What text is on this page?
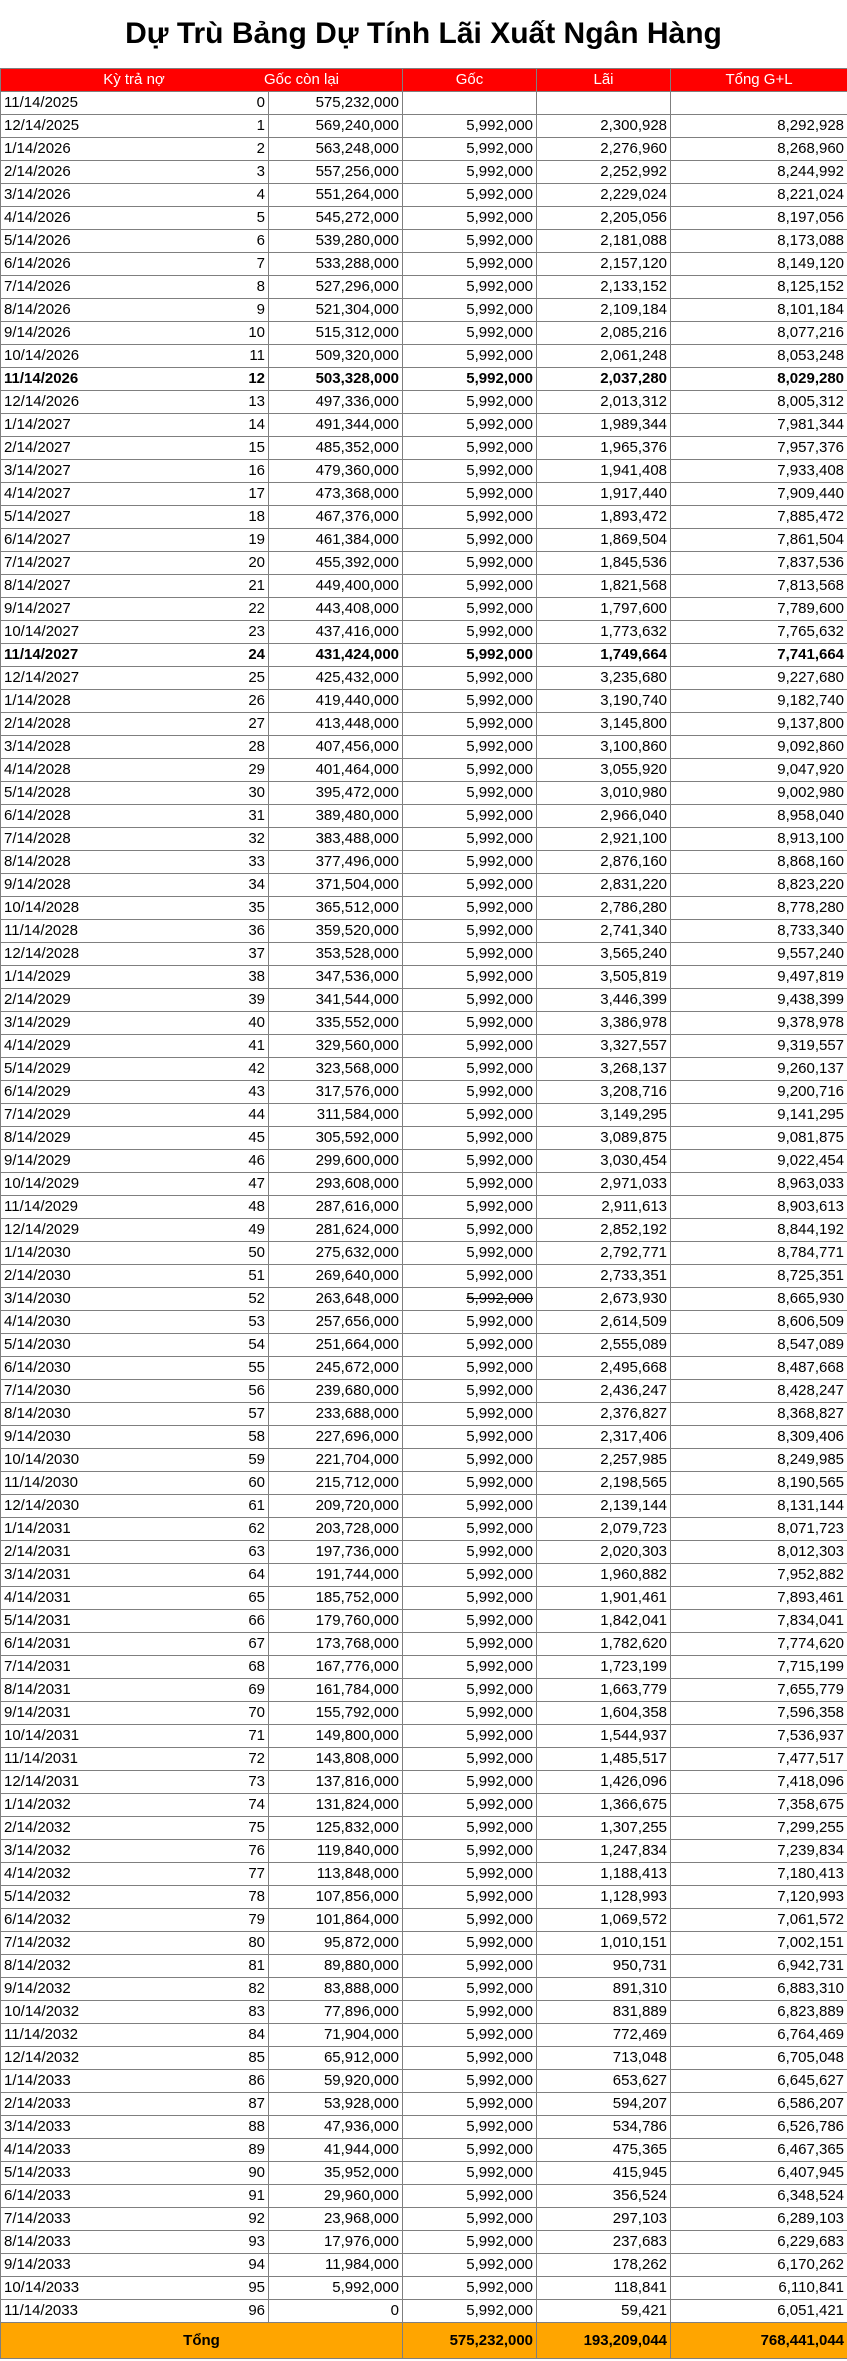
Dự Trù Bảng Dự Tính Lãi Xuất Ngân Hàng
Kỳ trả nợ Gốc còn lại		Gốc	Lãi	Tổng G+L
11/14/2025 0	575,232,000			
12/14/2025 1	569,240,000	5,992,000	2,300,928	8,292,928
1/14/2026 2	563,248,000	5,992,000	2,276,960	8,268,960
2/14/2026 3	557,256,000	5,992,000	2,252,992	8,244,992
3/14/2026 4	551,264,000	5,992,000	2,229,024	8,221,024
4/14/2026 5	545,272,000	5,992,000	2,205,056	8,197,056
5/14/2026 6	539,280,000	5,992,000	2,181,088	8,173,088
6/14/2026 7	533,288,000	5,992,000	2,157,120	8,149,120
7/14/2026 8	527,296,000	5,992,000	2,133,152	8,125,152
8/14/2026 9	521,304,000	5,992,000	2,109,184	8,101,184
9/14/2026 10	515,312,000	5,992,000	2,085,216	8,077,216
10/14/2026 11	509,320,000	5,992,000	2,061,248	8,053,248
11/14/2026 12	503,328,000	5,992,000	2,037,280	8,029,280
12/14/2026 13	497,336,000	5,992,000	2,013,312	8,005,312
1/14/2027 14	491,344,000	5,992,000	1,989,344	7,981,344
2/14/2027 15	485,352,000	5,992,000	1,965,376	7,957,376
3/14/2027 16	479,360,000	5,992,000	1,941,408	7,933,408
4/14/2027 17	473,368,000	5,992,000	1,917,440	7,909,440
5/14/2027 18	467,376,000	5,992,000	1,893,472	7,885,472
6/14/2027 19	461,384,000	5,992,000	1,869,504	7,861,504
7/14/2027 20	455,392,000	5,992,000	1,845,536	7,837,536
8/14/2027 21	449,400,000	5,992,000	1,821,568	7,813,568
9/14/2027 22	443,408,000	5,992,000	1,797,600	7,789,600
10/14/2027 23	437,416,000	5,992,000	1,773,632	7,765,632
11/14/2027 24	431,424,000	5,992,000	1,749,664	7,741,664
12/14/2027 25	425,432,000	5,992,000	3,235,680	9,227,680
1/14/2028 26	419,440,000	5,992,000	3,190,740	9,182,740
2/14/2028 27	413,448,000	5,992,000	3,145,800	9,137,800
3/14/2028 28	407,456,000	5,992,000	3,100,860	9,092,860
4/14/2028 29	401,464,000	5,992,000	3,055,920	9,047,920
5/14/2028 30	395,472,000	5,992,000	3,010,980	9,002,980
6/14/2028 31	389,480,000	5,992,000	2,966,040	8,958,040
7/14/2028 32	383,488,000	5,992,000	2,921,100	8,913,100
8/14/2028 33	377,496,000	5,992,000	2,876,160	8,868,160
9/14/2028 34	371,504,000	5,992,000	2,831,220	8,823,220
10/14/2028 35	365,512,000	5,992,000	2,786,280	8,778,280
11/14/2028 36	359,520,000	5,992,000	2,741,340	8,733,340
12/14/2028 37	353,528,000	5,992,000	3,565,240	9,557,240
1/14/2029 38	347,536,000	5,992,000	3,505,819	9,497,819
2/14/2029 39	341,544,000	5,992,000	3,446,399	9,438,399
3/14/2029 40	335,552,000	5,992,000	3,386,978	9,378,978
4/14/2029 41	329,560,000	5,992,000	3,327,557	9,319,557
5/14/2029 42	323,568,000	5,992,000	3,268,137	9,260,137
6/14/2029 43	317,576,000	5,992,000	3,208,716	9,200,716
7/14/2029 44	311,584,000	5,992,000	3,149,295	9,141,295
8/14/2029 45	305,592,000	5,992,000	3,089,875	9,081,875
9/14/2029 46	299,600,000	5,992,000	3,030,454	9,022,454
10/14/2029 47	293,608,000	5,992,000	2,971,033	8,963,033
11/14/2029 48	287,616,000	5,992,000	2,911,613	8,903,613
12/14/2029 49	281,624,000	5,992,000	2,852,192	8,844,192
1/14/2030 50	275,632,000	5,992,000	2,792,771	8,784,771
2/14/2030 51	269,640,000	5,992,000	2,733,351	8,725,351
3/14/2030 52	263,648,000	5,992,000	2,673,930	8,665,930
4/14/2030 53	257,656,000	5,992,000	2,614,509	8,606,509
5/14/2030 54	251,664,000	5,992,000	2,555,089	8,547,089
6/14/2030 55	245,672,000	5,992,000	2,495,668	8,487,668
7/14/2030 56	239,680,000	5,992,000	2,436,247	8,428,247
8/14/2030 57	233,688,000	5,992,000	2,376,827	8,368,827
9/14/2030 58	227,696,000	5,992,000	2,317,406	8,309,406
10/14/2030 59	221,704,000	5,992,000	2,257,985	8,249,985
11/14/2030 60	215,712,000	5,992,000	2,198,565	8,190,565
12/14/2030 61	209,720,000	5,992,000	2,139,144	8,131,144
1/14/2031 62	203,728,000	5,992,000	2,079,723	8,071,723
2/14/2031 63	197,736,000	5,992,000	2,020,303	8,012,303
3/14/2031 64	191,744,000	5,992,000	1,960,882	7,952,882
4/14/2031 65	185,752,000	5,992,000	1,901,461	7,893,461
5/14/2031 66	179,760,000	5,992,000	1,842,041	7,834,041
6/14/2031 67	173,768,000	5,992,000	1,782,620	7,774,620
7/14/2031 68	167,776,000	5,992,000	1,723,199	7,715,199
8/14/2031 69	161,784,000	5,992,000	1,663,779	7,655,779
9/14/2031 70	155,792,000	5,992,000	1,604,358	7,596,358
10/14/2031 71	149,800,000	5,992,000	1,544,937	7,536,937
11/14/2031 72	143,808,000	5,992,000	1,485,517	7,477,517
12/14/2031 73	137,816,000	5,992,000	1,426,096	7,418,096
1/14/2032 74	131,824,000	5,992,000	1,366,675	7,358,675
2/14/2032 75	125,832,000	5,992,000	1,307,255	7,299,255
3/14/2032 76	119,840,000	5,992,000	1,247,834	7,239,834
4/14/2032 77	113,848,000	5,992,000	1,188,413	7,180,413
5/14/2032 78	107,856,000	5,992,000	1,128,993	7,120,993
6/14/2032 79	101,864,000	5,992,000	1,069,572	7,061,572
7/14/2032 80	95,872,000	5,992,000	1,010,151	7,002,151
8/14/2032 81	89,880,000	5,992,000	950,731	6,942,731
9/14/2032 82	83,888,000	5,992,000	891,310	6,883,310
10/14/2032 83	77,896,000	5,992,000	831,889	6,823,889
11/14/2032 84	71,904,000	5,992,000	772,469	6,764,469
12/14/2032 85	65,912,000	5,992,000	713,048	6,705,048
1/14/2033 86	59,920,000	5,992,000	653,627	6,645,627
2/14/2033 87	53,928,000	5,992,000	594,207	6,586,207
3/14/2033 88	47,936,000	5,992,000	534,786	6,526,786
4/14/2033 89	41,944,000	5,992,000	475,365	6,467,365
5/14/2033 90	35,952,000	5,992,000	415,945	6,407,945
6/14/2033 91	29,960,000	5,992,000	356,524	6,348,524
7/14/2033 92	23,968,000	5,992,000	297,103	6,289,103
8/14/2033 93	17,976,000	5,992,000	237,683	6,229,683
9/14/2033 94	11,984,000	5,992,000	178,262	6,170,262
10/14/2033 95	5,992,000	5,992,000	118,841	6,110,841
11/14/2033 96	0	5,992,000	59,421	6,051,421
Tổng		575,232,000	193,209,044	768,441,044
